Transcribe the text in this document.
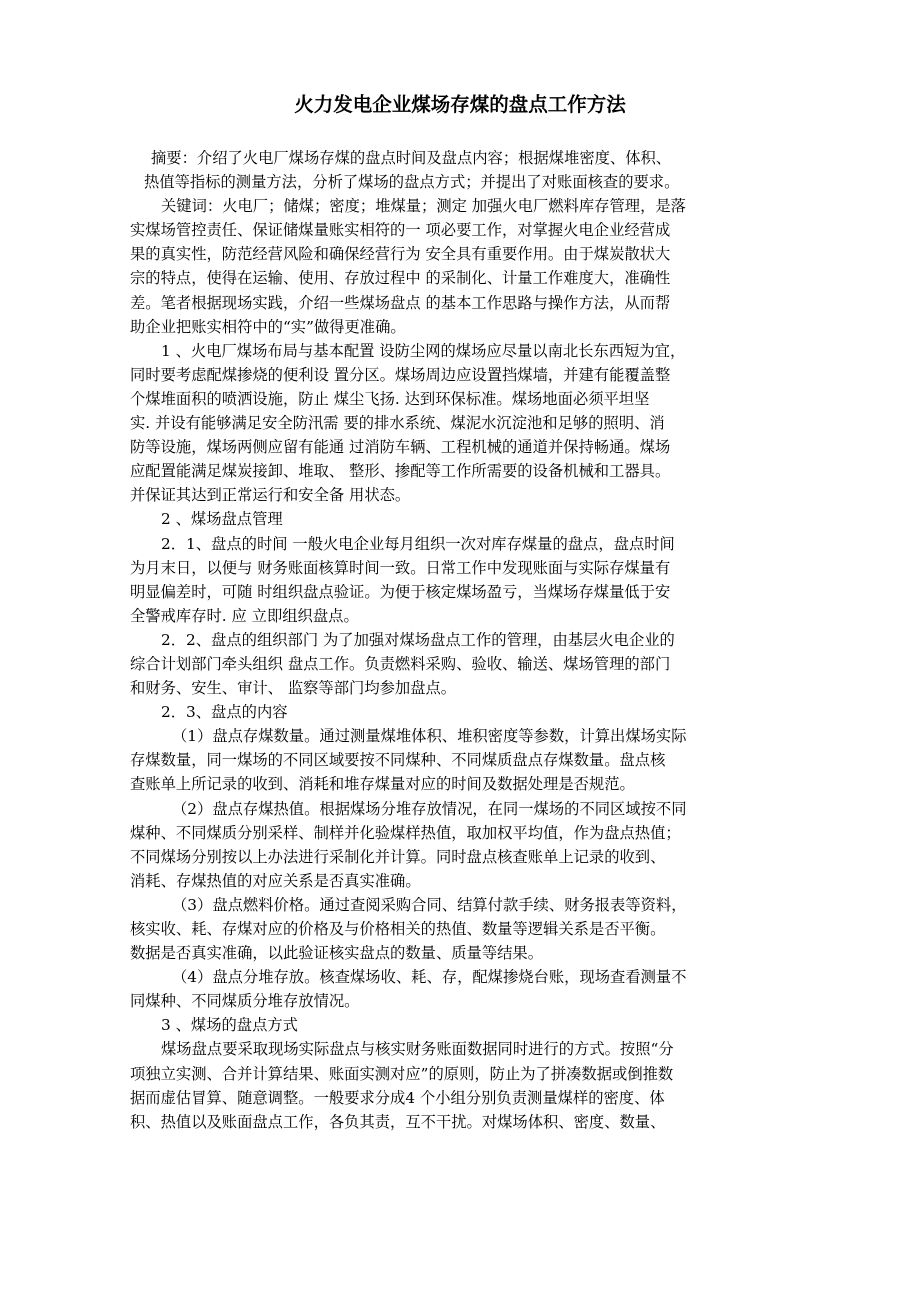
火力发电企业煤场存煤的盘点工作方法
摘要：介绍了火电厂煤场存煤的盘点时间及盘点内容；根据煤堆密度、体积、
热值等指标的测量方法，分析了煤场的盘点方式；并提出了对账面核查的要求。
关键词：火电厂；储煤；密度；堆煤量；测定 加强火电厂燃料库存管理，是落
实煤场管控责任、保证储煤量账实相符的一 项必要工作，对掌握火电企业经营成
果的真实性，防范经营风险和确保经营行为 安全具有重要作用。由于煤炭散状大
宗的特点，使得在运输、使用、存放过程中 的采制化、计量工作难度大，准确性
差。笔者根据现场实践，介绍一些煤场盘点 的基本工作思路与操作方法，从而帮
助企业把账实相符中的“实”做得更准确。
1 、火电厂煤场布局与基本配置 设防尘网的煤场应尽量以南北长东西短为宜，
同时要考虑配煤掺烧的便利设 置分区。煤场周边应设置挡煤墙，并建有能覆盖整
个煤堆面积的喷洒设施，防止 煤尘飞扬. 达到环保标准。煤场地面必须平坦坚
实. 并设有能够满足安全防汛需 要的排水系统、煤泥水沉淀池和足够的照明、消
防等设施，煤场两侧应留有能通 过消防车辆、工程机械的通道并保持畅通。煤场
应配置能满足煤炭接卸、堆取、 整形、掺配等工作所需要的设备机械和工器具。
并保证其达到正常运行和安全备 用状态。
2 、煤场盘点管理
2．1、盘点的时间 一般火电企业每月组织一次对库存煤量的盘点，盘点时间
为月末日，以便与 财务账面核算时间一致。日常工作中发现账面与实际存煤量有
明显偏差时，可随 时组织盘点验证。为便于核定煤场盈亏，当煤场存煤量低于安
全警戒库存时. 应 立即组织盘点。
2．2、盘点的组织部门 为了加强对煤场盘点工作的管理，由基层火电企业的
综合计划部门牵头组织 盘点工作。负责燃料采购、验收、输送、煤场管理的部门
和财务、安生、审计、 监察等部门均参加盘点。
2．3、盘点的内容
（1）盘点存煤数量。通过测量煤堆体积、堆积密度等参数，计算出煤场实际
存煤数量，同一煤场的不同区域要按不同煤种、不同煤质盘点存煤数量。盘点核
查账单上所记录的收到、消耗和堆存煤量对应的时间及数据处理是否规范。
（2）盘点存煤热值。根据煤场分堆存放情况，在同一煤场的不同区域按不同
煤种、不同煤质分别采样、制样并化验煤样热值，取加权平均值，作为盘点热值；
不同煤场分别按以上办法进行采制化并计算。同时盘点核查账单上记录的收到、
消耗、存煤热值的对应关系是否真实准确。
（3）盘点燃料价格。通过查阅采购合同、结算付款手续、财务报表等资料，
核实收、耗、存煤对应的价格及与价格相关的热值、数量等逻辑关系是否平衡。
数据是否真实准确，以此验证核实盘点的数量、质量等结果。
（4）盘点分堆存放。核查煤场收、耗、存，配煤掺烧台账，现场查看测量不
同煤种、不同煤质分堆存放情况。
3 、煤场的盘点方式
煤场盘点要采取现场实际盘点与核实财务账面数据同时进行的方式。按照“分
项独立实测、合并计算结果、账面实测对应”的原则，防止为了拼凑数据或倒推数
据而虚估冒算、随意调整。一般要求分成4 个小组分别负责测量煤样的密度、体
积、热值以及账面盘点工作，各负其责，互不干扰。对煤场体积、密度、数量、
